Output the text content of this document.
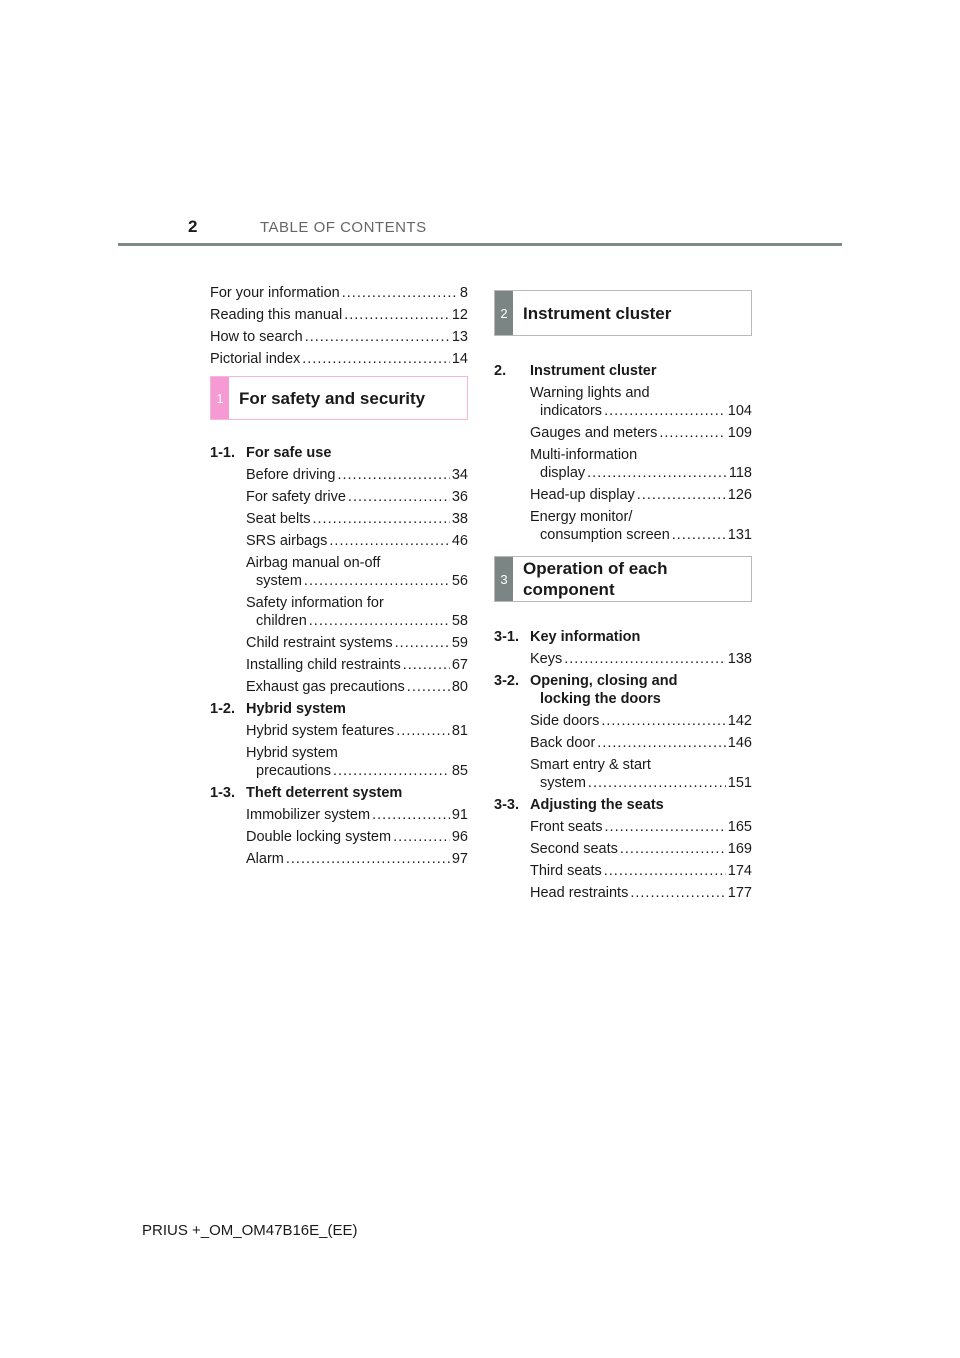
2	TABLE OF CONTENTS
For your information .....	8
Reading this manual .....	12
How to search .....	13
Pictorial index .....	14
1 For safety and security
1-1. For safe use
Before driving .....	34
For safety drive .....	36
Seat belts .....	38
SRS airbags .....	46
Airbag manual on-off
system .....	56
Safety information for
children .....	58
Child restraint systems .....	59
Installing child restraints .....	67
Exhaust gas precautions .....	80
1-2. Hybrid system
Hybrid system features .....	81
Hybrid system
precautions .....	85
1-3. Theft deterrent system
Immobilizer system .....	91
Double locking system .....	96
Alarm .....	97
2 Instrument cluster
2.	Instrument cluster
Warning lights and
indicators .....	104
Gauges and meters .....	109
Multi-information
display .....	118
Head-up display .....	126
Energy monitor/
consumption screen .....	131
3
Operation of each
component
3-1. Key information
Keys .....	138
3-2. Opening, closing and
locking the doors
Side doors .....	142
Back door .....	146
Smart entry & start
system .....	151
3-3. Adjusting the seats
Front seats .....	165
Second seats .....	169
Third seats .....	174
Head restraints .....	177
PRIUS +_OM_OM47B16E_(EE)
